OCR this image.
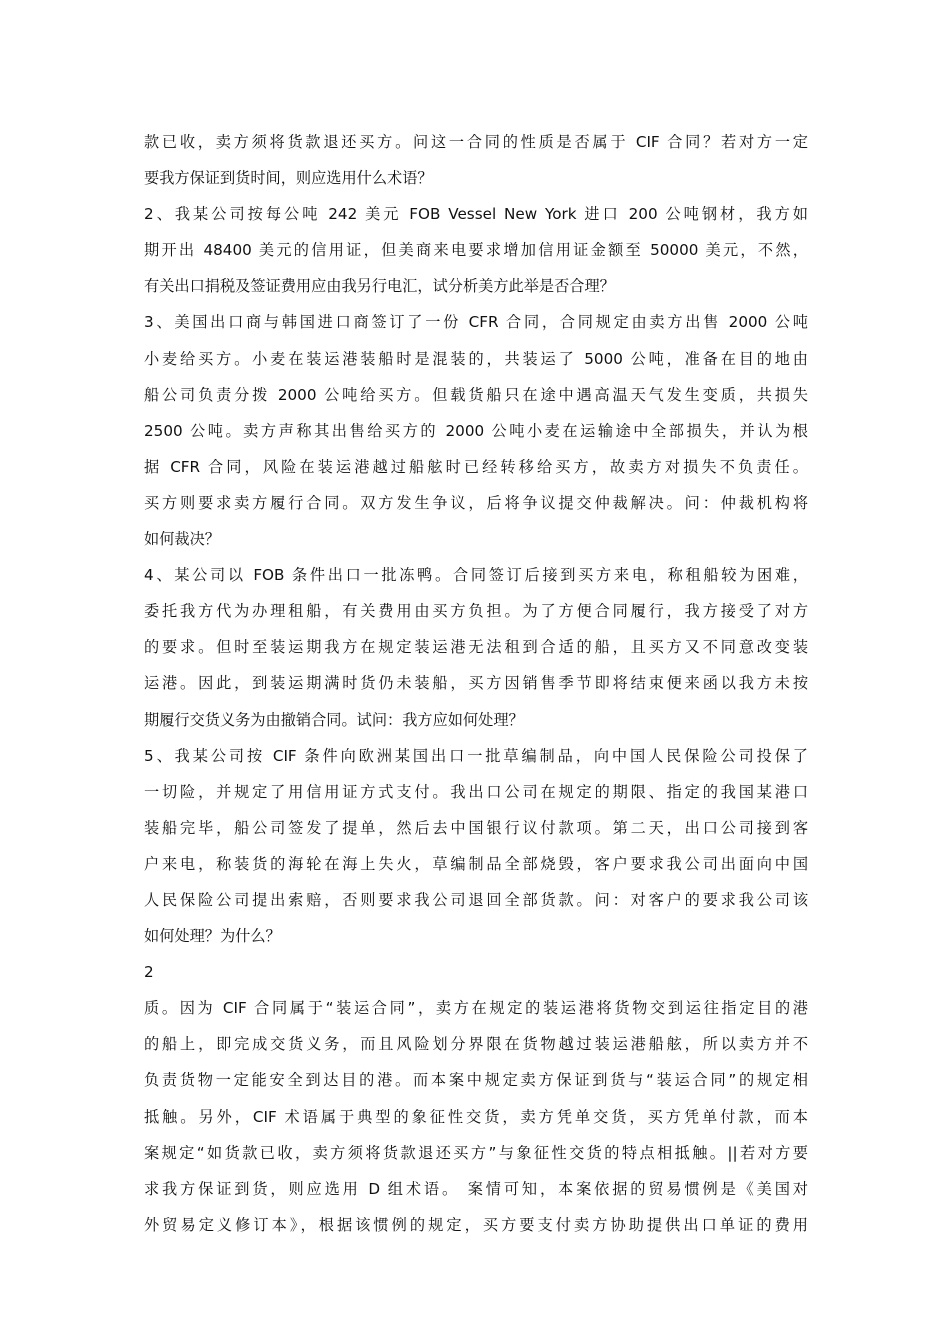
款已收，卖方须将货款退还买方。问这一合同的性质是否属于 CIF 合同？若对方一定
要我方保证到货时间，则应选用什么术语？
2、我某公司按每公吨 242 美元 FOB Vessel New York 进口 200 公吨钢材，我方如
期开出 48400 美元的信用证，但美商来电要求增加信用证金额至 50000 美元，不然，
有关出口捐税及签证费用应由我另行电汇，试分析美方此举是否合理？
3、美国出口商与韩国进口商签订了一份 CFR 合同，合同规定由卖方出售 2000 公吨
小麦给买方。小麦在装运港装船时是混装的，共装运了 5000 公吨，准备在目的地由
船公司负责分拨 2000 公吨给买方。但载货船只在途中遇高温天气发生变质，共损失
2500 公吨。卖方声称其出售给买方的 2000 公吨小麦在运输途中全部损失，并认为根
据 CFR 合同，风险在装运港越过船舷时已经转移给买方，故卖方对损失不负责任。
买方则要求卖方履行合同。双方发生争议，后将争议提交仲裁解决。问：仲裁机构将
如何裁决？
4、某公司以 FOB 条件出口一批冻鸭。合同签订后接到买方来电，称租船较为困难，
委托我方代为办理租船，有关费用由买方负担。为了方便合同履行，我方接受了对方
的要求。但时至装运期我方在规定装运港无法租到合适的船，且买方又不同意改变装
运港。因此，到装运期满时货仍未装船，买方因销售季节即将结束便来函以我方未按
期履行交货义务为由撤销合同。试问：我方应如何处理？
5、我某公司按 CIF 条件向欧洲某国出口一批草编制品，向中国人民保险公司投保了
一切险，并规定了用信用证方式支付。我出口公司在规定的期限、指定的我国某港口
装船完毕，船公司签发了提单，然后去中国银行议付款项。第二天，出口公司接到客
户来电，称装货的海轮在海上失火，草编制品全部烧毁，客户要求我公司出面向中国
人民保险公司提出索赔，否则要求我公司退回全部货款。问：对客户的要求我公司该
如何处理？为什么？
2
质。因为 CIF 合同属于“装运合同”，卖方在规定的装运港将货物交到运往指定目的港
的船上，即完成交货义务，而且风险划分界限在货物越过装运港船舷，所以卖方并不
负责货物一定能安全到达目的港。而本案中规定卖方保证到货与“装运合同”的规定相
抵触。另外，CIF 术语属于典型的象征性交货，卖方凭单交货，买方凭单付款，而本
案规定“如货款已收，卖方须将货款退还买方”与象征性交货的特点相抵触。||若对方要
求我方保证到货，则应选用 D 组术语。 案情可知，本案依据的贸易惯例是《美国对
外贸易定义修订本》，根据该惯例的规定，买方要支付卖方协助提供出口单证的费用
